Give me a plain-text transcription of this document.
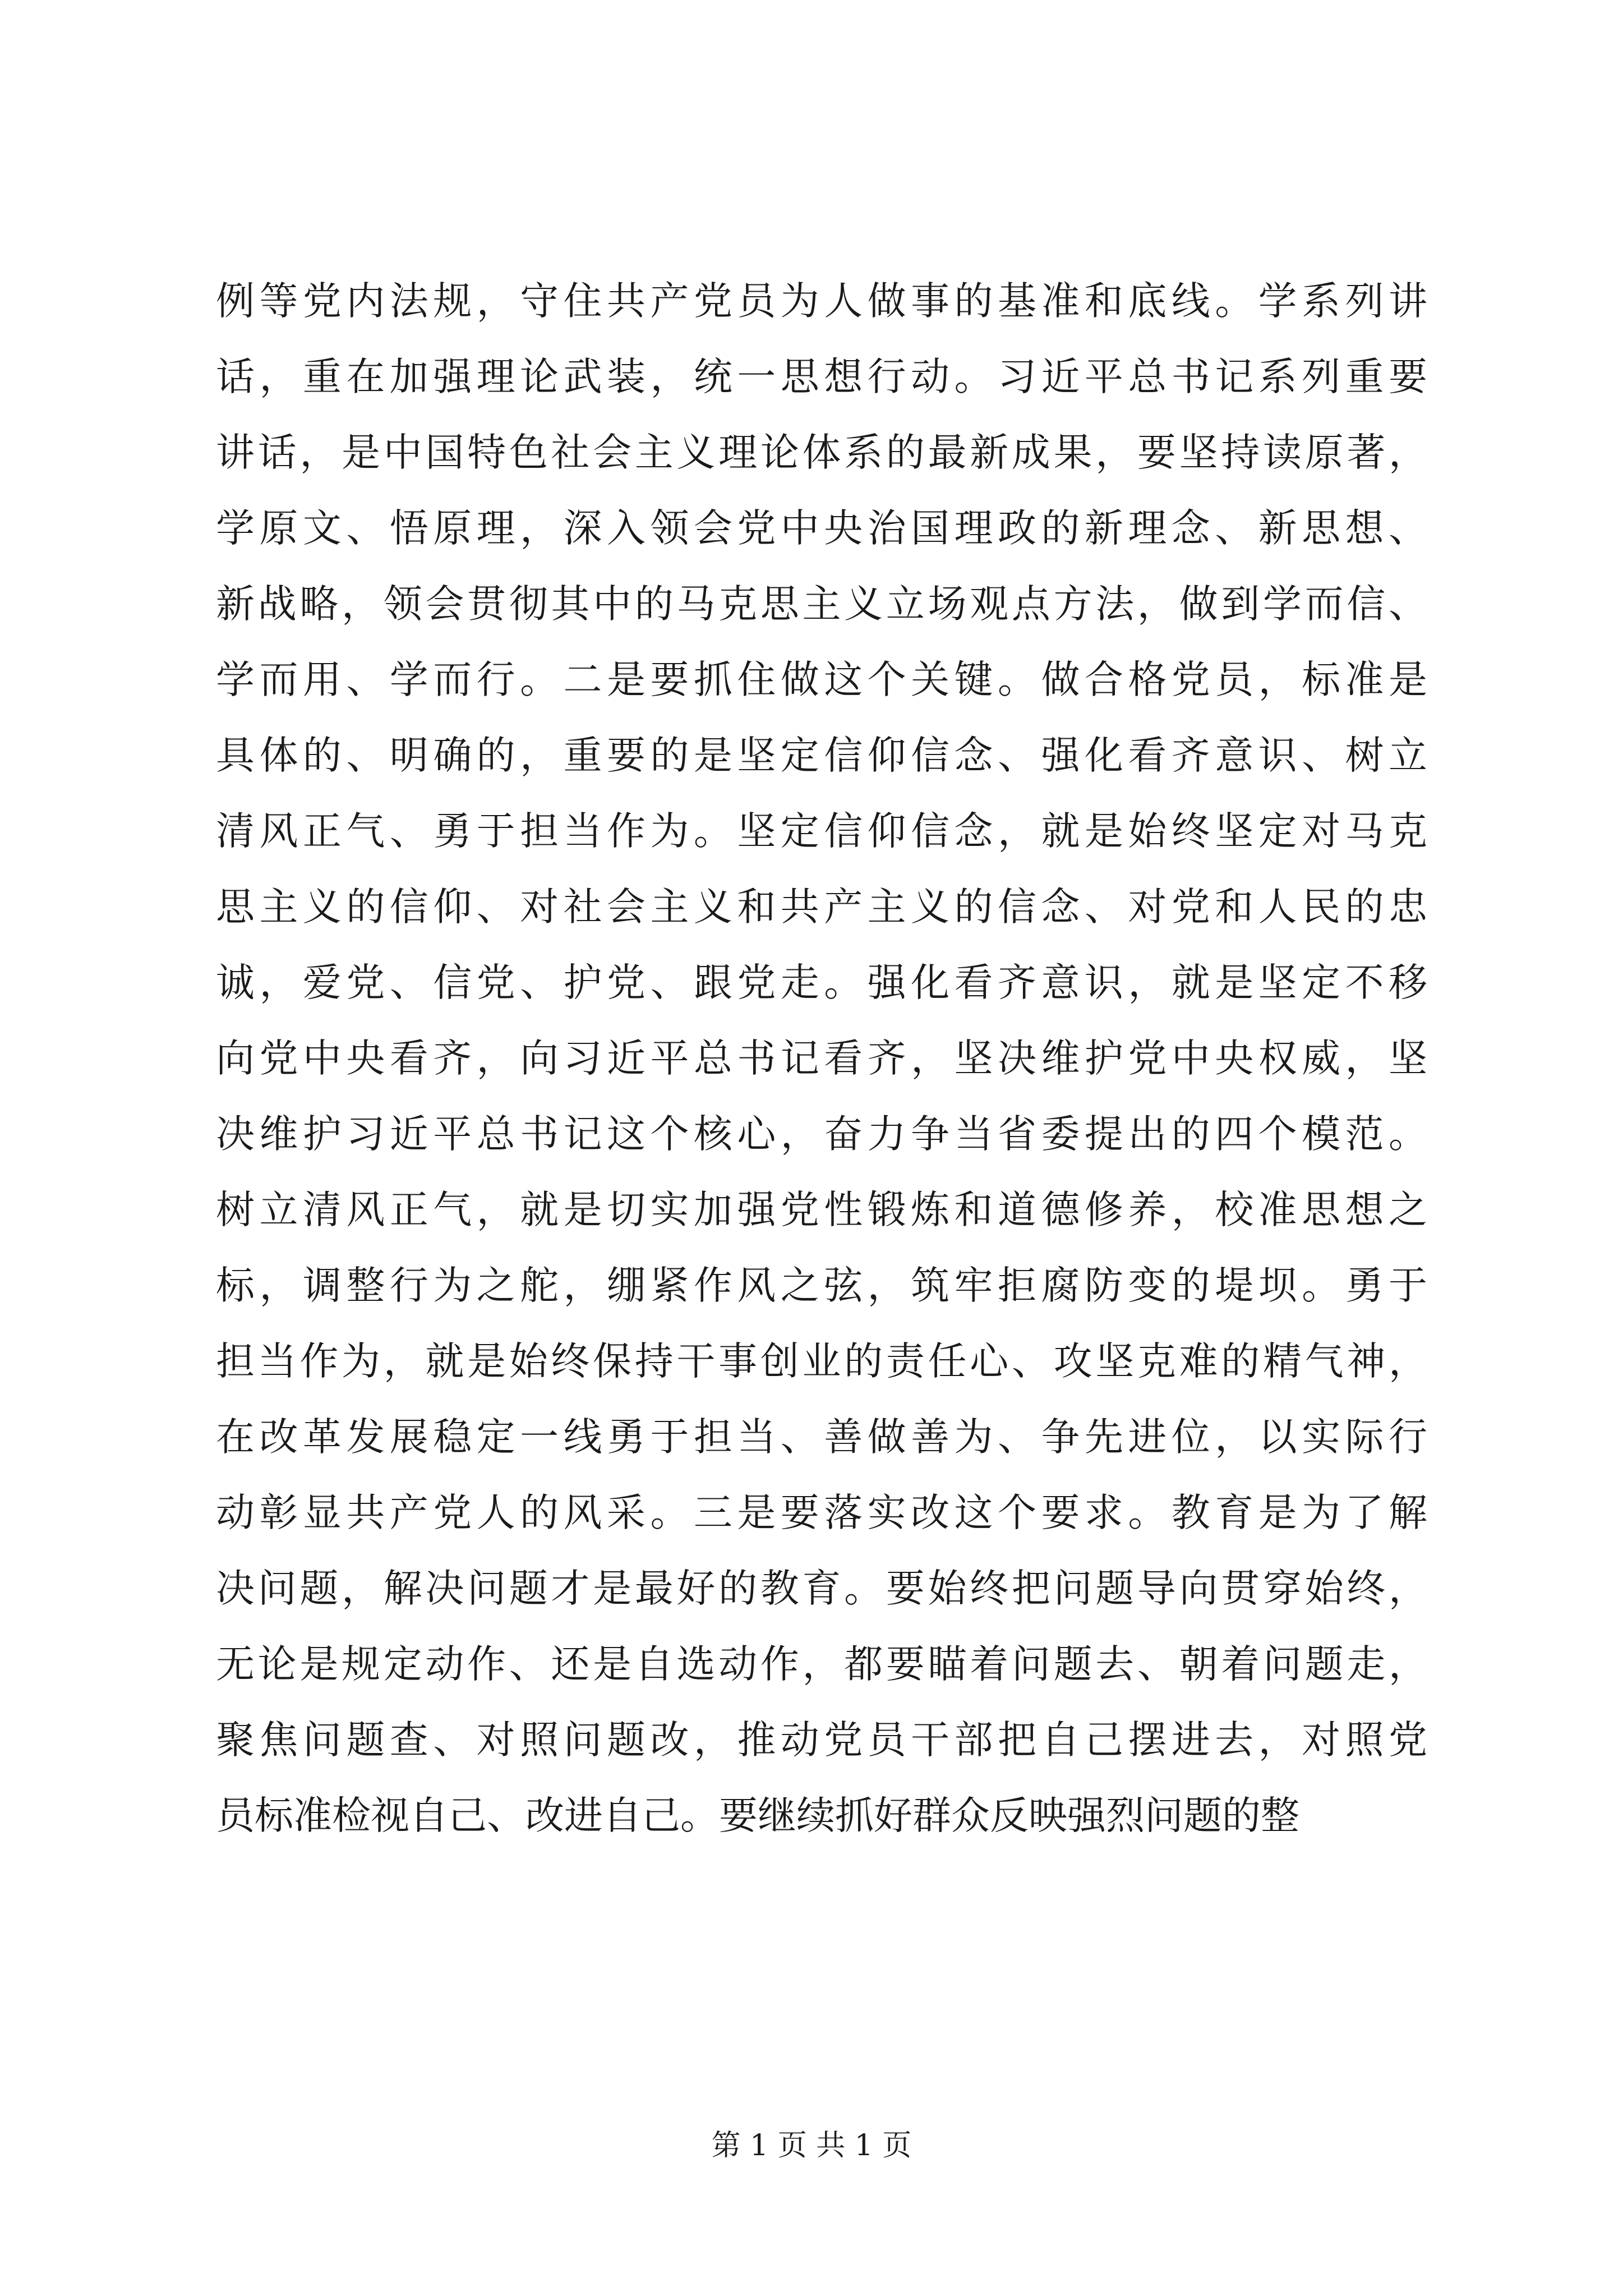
例等党内法规，守住共产党员为人做事的基准和底线。学系列讲
话，重在加强理论武装，统一思想行动。习近平总书记系列重要
讲话，是中国特色社会主义理论体系的最新成果，要坚持读原著，
学原文、悟原理，深入领会党中央治国理政的新理念、新思想、
新战略，领会贯彻其中的马克思主义立场观点方法，做到学而信、
学而用、学而行。二是要抓住做这个关键。做合格党员，标准是
具体的、明确的，重要的是坚定信仰信念、强化看齐意识、树立
清风正气、勇于担当作为。坚定信仰信念，就是始终坚定对马克
思主义的信仰、对社会主义和共产主义的信念、对党和人民的忠
诚，爱党、信党、护党、跟党走。强化看齐意识，就是坚定不移
向党中央看齐，向习近平总书记看齐，坚决维护党中央权威，坚
决维护习近平总书记这个核心，奋力争当省委提出的四个模范。
树立清风正气，就是切实加强党性锻炼和道德修养，校准思想之
标，调整行为之舵，绷紧作风之弦，筑牢拒腐防变的堤坝。勇于
担当作为，就是始终保持干事创业的责任心、攻坚克难的精气神，
在改革发展稳定一线勇于担当、善做善为、争先进位，以实际行
动彰显共产党人的风采。三是要落实改这个要求。教育是为了解
决问题，解决问题才是最好的教育。要始终把问题导向贯穿始终，
无论是规定动作、还是自选动作，都要瞄着问题去、朝着问题走，
聚焦问题查、对照问题改，推动党员干部把自己摆进去，对照党
员标准检视自己、改进自己。要继续抓好群众反映强烈问题的整
第 1 页 共 1 页
